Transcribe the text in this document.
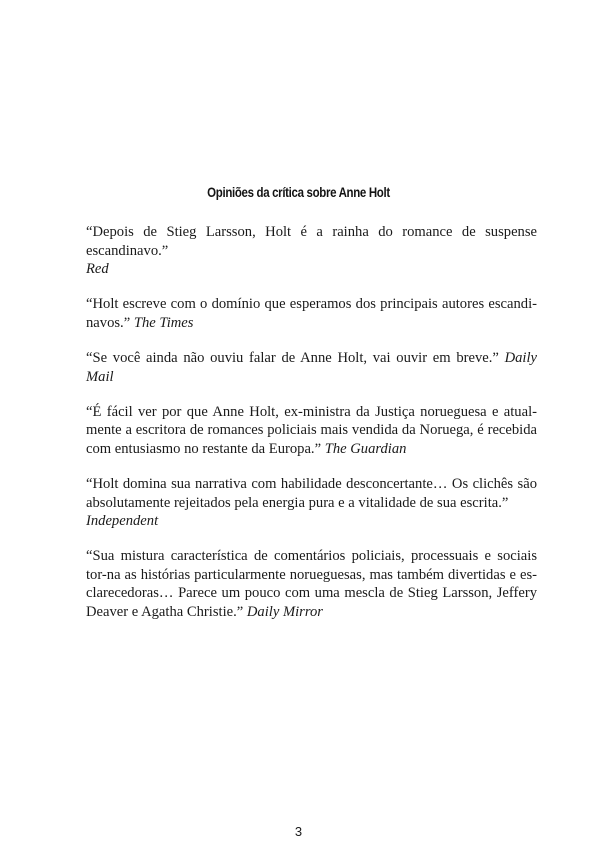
Opiniões da crítica sobre Anne Holt

“Depois de Stieg Larsson, Holt é a rainha do romance de suspense escandinavo.”
Red

“Holt escreve com o domínio que esperamos dos principais autores escandi-navos.” The Times

“Se você ainda não ouviu falar de Anne Holt, vai ouvir em breve.” Daily Mail

“É fácil ver por que Anne Holt, ex-ministra da Justiça norueguesa e atual-mente a escritora de romances policiais mais vendida da Noruega, é recebida com entusiasmo no restante da Europa.” The Guardian

“Holt domina sua narrativa com habilidade desconcertante… Os clichês são absolutamente rejeitados pela energia pura e a vitalidade de sua escrita.”
Independent

“Sua mistura característica de comentários policiais, processuais e sociais tor-na as histórias particularmente norueguesas, mas também divertidas e es-clarecedoras… Parece um pouco com uma mescla de Stieg Larsson, Jeffery Deaver e Agatha Christie.” Daily Mirror

3
